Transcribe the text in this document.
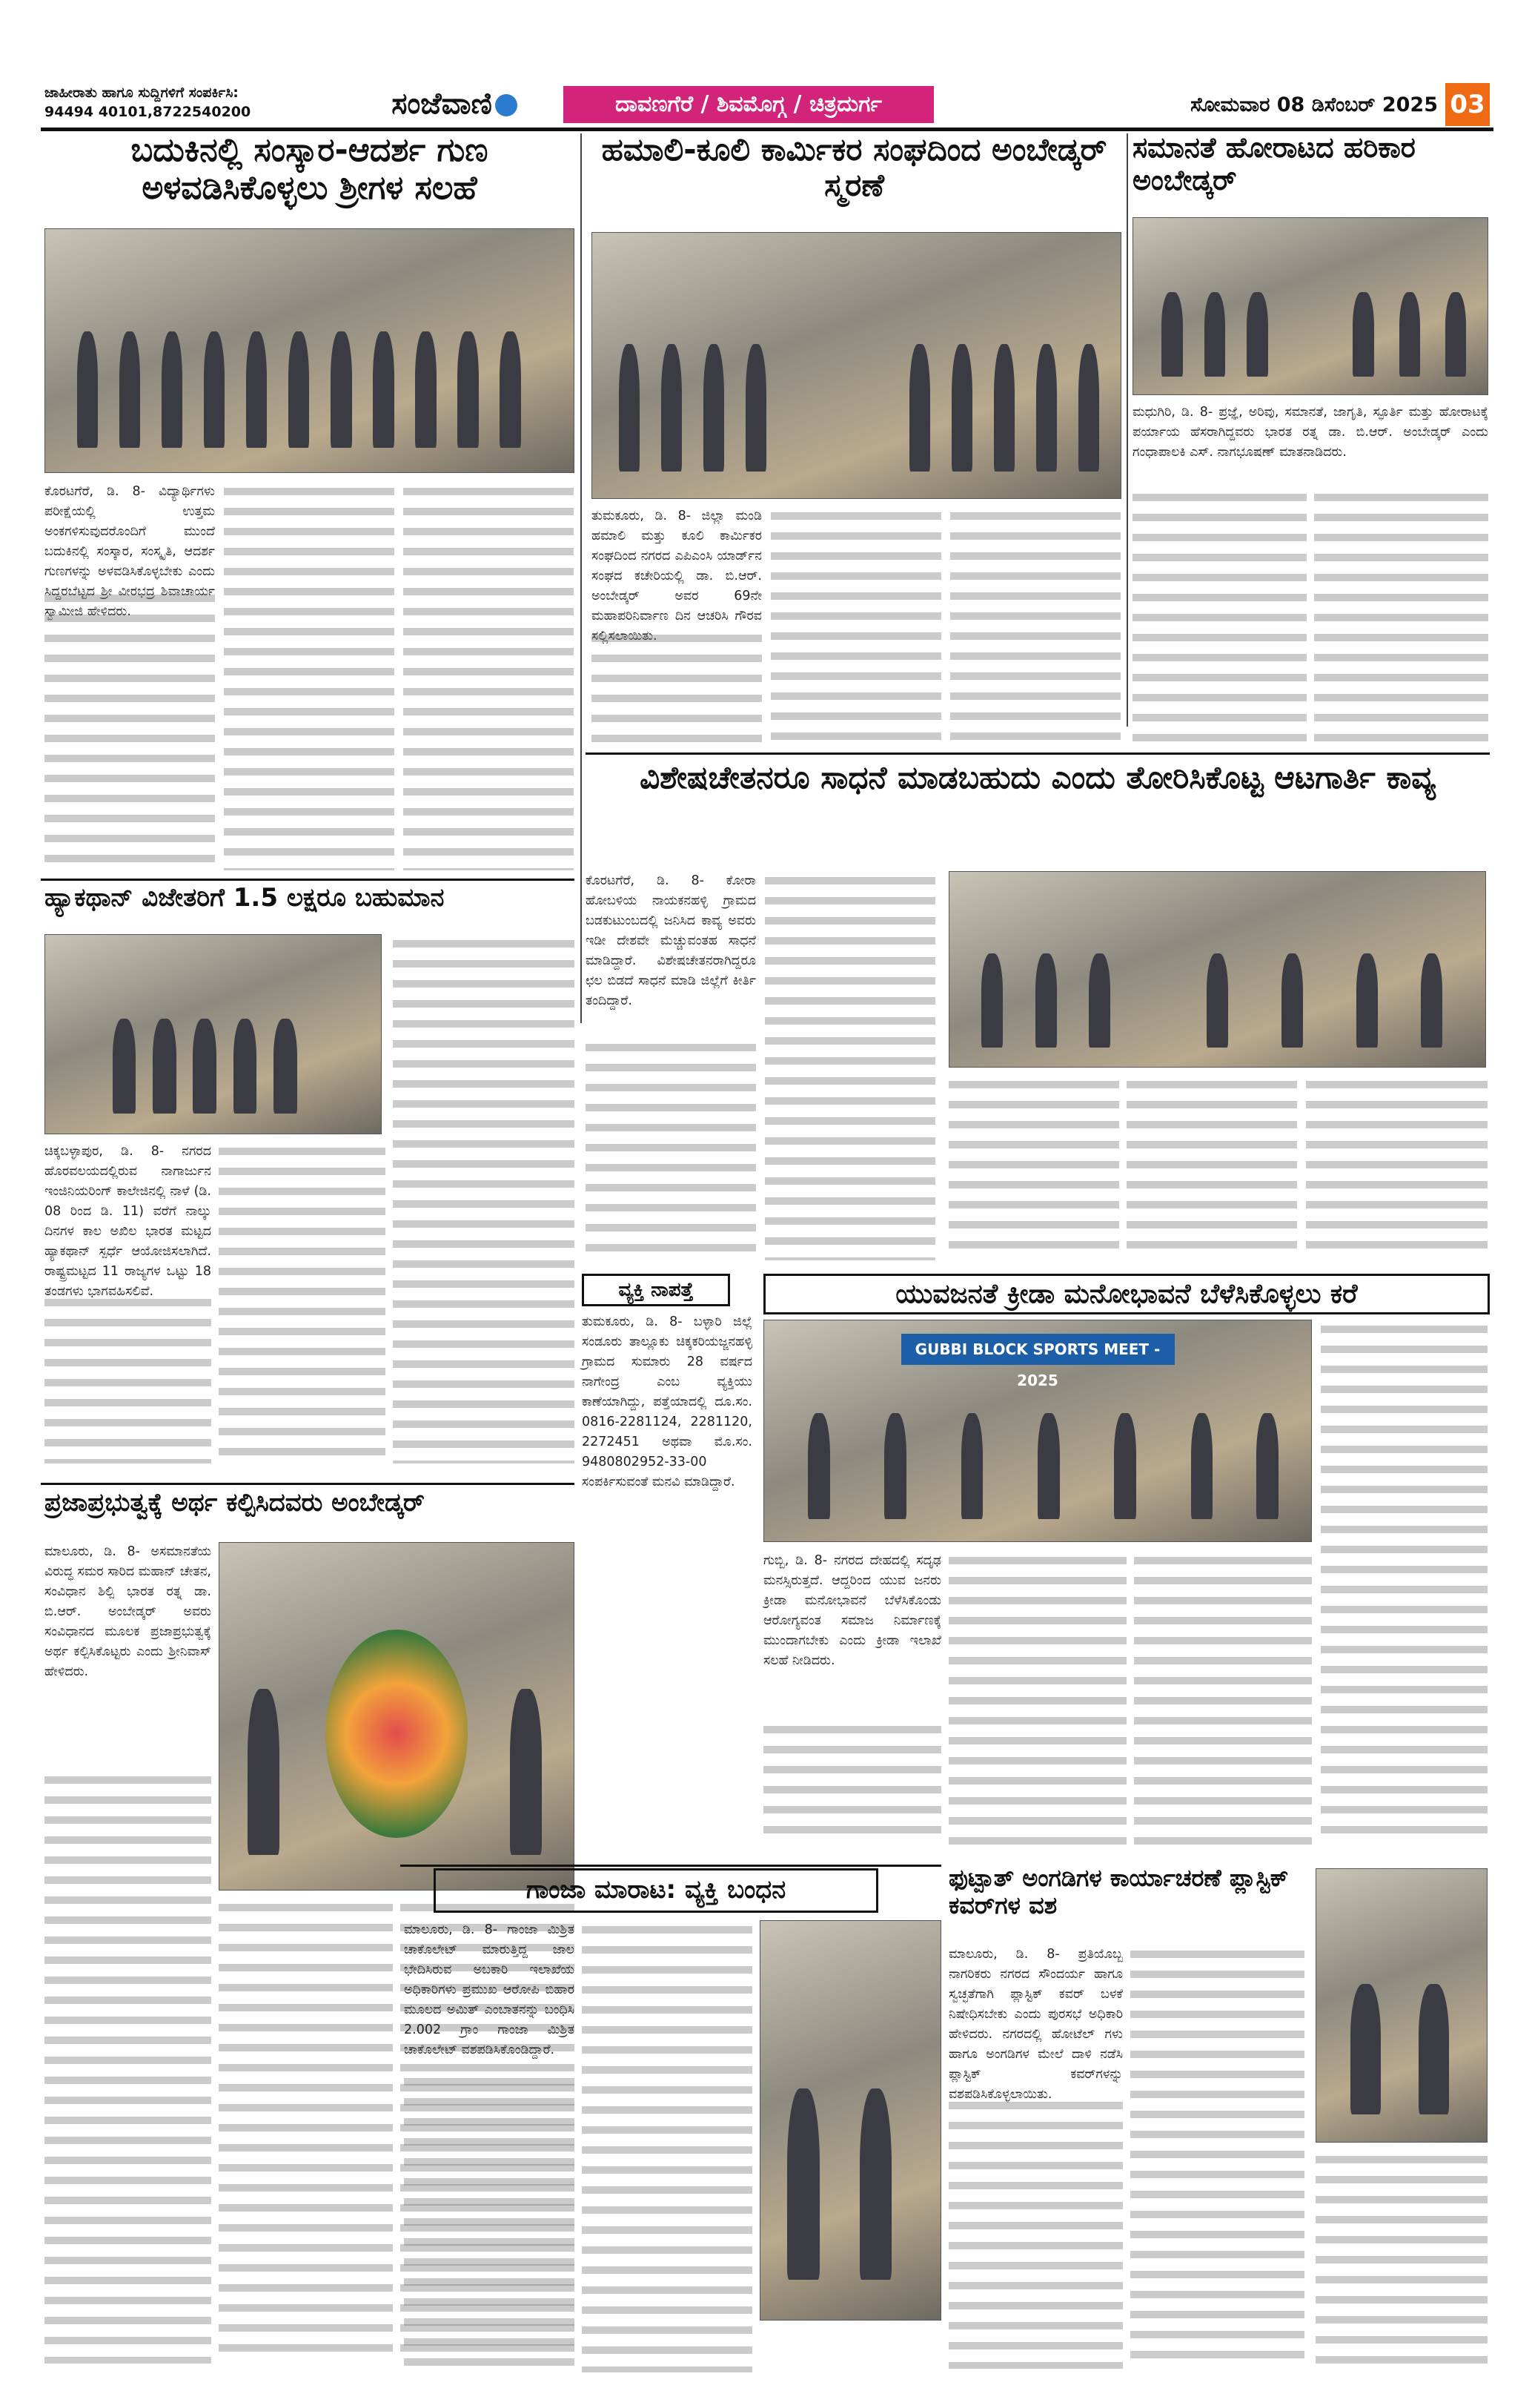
ಜಾಹೀರಾತು ಹಾಗೂ ಸುದ್ದಿಗಳಿಗೆ ಸಂಪರ್ಕಿಸಿ:
94494 40101,8722540200	ಸಂಜೆವಾಣಿ	ದಾವಣಗೆರೆ / ಶಿವಮೊಗ್ಗ / ಚಿತ್ರದುರ್ಗ	ಸೋಮವಾರ 08 ಡಿಸೆಂಬರ್ 2025 03
ಬದುಕಿನಲ್ಲಿ ಸಂಸ್ಕಾರ-ಆದರ್ಶ ಗುಣ ಅಳವಡಿಸಿಕೊಳ್ಳಲು ಶ್ರೀಗಳ ಸಲಹೆ
ಕೊರಟಗೆರೆ, ಡಿ. 8- ವಿದ್ಯಾರ್ಥಿಗಳು ಪರೀಕ್ಷೆಯಲ್ಲಿ ಉತ್ತಮ ಅಂಕಗಳಿಸುವುದರೊಂದಿಗೆ ಮುಂದೆ ಬದುಕಿನಲ್ಲಿ ಸಂಸ್ಕಾರ, ಸಂಸ್ಕೃತಿ, ಆದರ್ಶ ಗುಣಗಳನ್ನು ಅಳವಡಿಸಿಕೊಳ್ಳಬೇಕು ಎಂದು ಸಿದ್ದರಬೆಟ್ಟದ ಶ್ರೀ ವೀರಭದ್ರ ಶಿವಾಚಾರ್ಯ ಸ್ವಾಮೀಜಿ ಹೇಳಿದರು.
ಹಮಾಲಿ-ಕೂಲಿ ಕಾರ್ಮಿಕರ ಸಂಘದಿಂದ ಅಂಬೇಡ್ಕರ್ ಸ್ಮರಣೆ
ತುಮಕೂರು, ಡಿ. 8- ಜಿಲ್ಲಾ ಮಂಡಿ ಹಮಾಲಿ ಮತ್ತು ಕೂಲಿ ಕಾರ್ಮಿಕರ ಸಂಘದಿಂದ ನಗರದ ಎಪಿಎಂಸಿ ಯಾರ್ಡ್‌ನ ಸಂಘದ ಕಚೇರಿಯಲ್ಲಿ ಡಾ. ಬಿ.ಆರ್. ಅಂಬೇಡ್ಕರ್ ಅವರ 69ನೇ ಮಹಾಪರಿನಿರ್ವಾಣ ದಿನ ಆಚರಿಸಿ ಗೌರವ ಸಲ್ಲಿಸಲಾಯಿತು.
ಸಮಾನತೆ ಹೋರಾಟದ ಹರಿಕಾರ ಅಂಬೇಡ್ಕರ್
ಮಧುಗಿರಿ, ಡಿ. 8- ಪ್ರಜ್ಞೆ, ಅರಿವು, ಸಮಾನತೆ, ಜಾಗೃತಿ, ಸ್ಫೂರ್ತಿ ಮತ್ತು ಹೋರಾಟಕ್ಕೆ ಪರ್ಯಾಯ ಹೆಸರಾಗಿದ್ದವರು ಭಾರತ ರತ್ನ ಡಾ. ಬಿ.ಆರ್. ಅಂಬೇಡ್ಕರ್ ಎಂದು ಗಂಧಾಪಾಲಕಿ ಎಸ್. ನಾಗಭೂಷಣ್ ಮಾತನಾಡಿದರು.
ಹ್ಯಾಕಥಾನ್ ವಿಜೇತರಿಗೆ 1.5 ಲಕ್ಷರೂ ಬಹುಮಾನ
ಚಿಕ್ಕಬಳ್ಳಾಪುರ, ಡಿ. 8- ನಗರದ ಹೊರವಲಯದಲ್ಲಿರುವ ನಾಗಾರ್ಜುನ ಇಂಜಿನಿಯರಿಂಗ್ ಕಾಲೇಜಿನಲ್ಲಿ ನಾಳೆ (ಡಿ. 08 ರಿಂದ ಡಿ. 11) ವರೆಗೆ ನಾಲ್ಕು ದಿನಗಳ ಕಾಲ ಅಖಿಲ ಭಾರತ ಮಟ್ಟದ ಹ್ಯಾಕಥಾನ್ ಸ್ಪರ್ಧೆ ಆಯೋಜಿಸಲಾಗಿದೆ. ರಾಷ್ಟ್ರಮಟ್ಟದ 11 ರಾಜ್ಯಗಳ ಒಟ್ಟು 18 ತಂಡಗಳು ಭಾಗವಹಿಸಲಿವೆ.
ವಿಶೇಷಚೇತನರೂ ಸಾಧನೆ ಮಾಡಬಹುದು ಎಂದು ತೋರಿಸಿಕೊಟ್ಟ ಆಟಗಾರ್ತಿ ಕಾವ್ಯ
ಕೊರಟಗೆರೆ, ಡಿ. 8- ಕೋರಾ ಹೋಬಳಿಯ ನಾಯಕನಹಳ್ಳಿ ಗ್ರಾಮದ ಬಡಕುಟುಂಬದಲ್ಲಿ ಜನಿಸಿದ ಕಾವ್ಯ ಅವರು ಇಡೀ ದೇಶವೇ ಮೆಚ್ಚುವಂತಹ ಸಾಧನೆ ಮಾಡಿದ್ದಾರೆ. ವಿಶೇಷಚೇತನರಾಗಿದ್ದರೂ ಛಲ ಬಿಡದೆ ಸಾಧನೆ ಮಾಡಿ ಜಿಲ್ಲೆಗೆ ಕೀರ್ತಿ ತಂದಿದ್ದಾರೆ.
ವ್ಯಕ್ತಿ ನಾಪತ್ತೆ
ತುಮಕೂರು, ಡಿ. 8- ಬಳ್ಳಾರಿ ಜಿಲ್ಲೆ ಸಂಡೂರು ತಾಲ್ಲೂಕು ಚಿಕ್ಕಕರಿಯಜ್ಜನಹಳ್ಳಿ ಗ್ರಾಮದ ಸುಮಾರು 28 ವರ್ಷದ ನಾಗೇಂದ್ರ ಎಂಬ ವ್ಯಕ್ತಿಯು ಕಾಣೆಯಾಗಿದ್ದು, ಪತ್ತೆಯಾದಲ್ಲಿ ದೂ.ಸಂ. 0816-2281124, 2281120, 2272451 ಅಥವಾ ಮೊ.ಸಂ. 9480802952-33-00 ಸಂಪರ್ಕಿಸುವಂತೆ ಮನವಿ ಮಾಡಿದ್ದಾರೆ.
ಯುವಜನತೆ ಕ್ರೀಡಾ ಮನೋಭಾವನೆ ಬೆಳೆಸಿಕೊಳ್ಳಲು ಕರೆ
GUBBI BLOCK SPORTS MEET - 2025
ಗುಬ್ಬಿ, ಡಿ. 8- ನಗರದ ದೇಹದಲ್ಲಿ ಸದೃಢ ಮನಸ್ಸಿರುತ್ತದೆ. ಆದ್ದರಿಂದ ಯುವ ಜನರು ಕ್ರೀಡಾ ಮನೋಭಾವನೆ ಬೆಳೆಸಿಕೊಂಡು ಆರೋಗ್ಯವಂತ ಸಮಾಜ ನಿರ್ಮಾಣಕ್ಕೆ ಮುಂದಾಗಬೇಕು ಎಂದು ಕ್ರೀಡಾ ಇಲಾಖೆ ಸಲಹೆ ನೀಡಿದರು.
ಪ್ರಜಾಪ್ರಭುತ್ವಕ್ಕೆ ಅರ್ಥ ಕಲ್ಪಿಸಿದವರು ಅಂಬೇಡ್ಕರ್
ಮಾಲೂರು, ಡಿ. 8- ಅಸಮಾನತೆಯ ವಿರುದ್ಧ ಸಮರ ಸಾರಿದ ಮಹಾನ್ ಚೇತನ, ಸಂವಿಧಾನ ಶಿಲ್ಪಿ ಭಾರತ ರತ್ನ ಡಾ. ಬಿ.ಆರ್. ಅಂಬೇಡ್ಕರ್ ಅವರು ಸಂವಿಧಾನದ ಮೂಲಕ ಪ್ರಜಾಪ್ರಭುತ್ವಕ್ಕೆ ಅರ್ಥ ಕಲ್ಪಿಸಿಕೊಟ್ಟರು ಎಂದು ಶ್ರೀನಿವಾಸ್ ಹೇಳಿದರು.
ಗಾಂಜಾ ಮಾರಾಟ: ವ್ಯಕ್ತಿ ಬಂಧನ
ಮಾಲೂರು, ಡಿ. 8- ಗಾಂಜಾ ಮಿಶ್ರಿತ ಚಾಕೊಲೇಟ್ ಮಾರುತ್ತಿದ್ದ ಜಾಲ ಭೇದಿಸಿರುವ ಅಬಕಾರಿ ಇಲಾಖೆಯ ಅಧಿಕಾರಿಗಳು ಪ್ರಮುಖ ಆರೋಪಿ ಬಿಹಾರ ಮೂಲದ ಅಮಿತ್ ಎಂಬಾತನನ್ನು ಬಂಧಿಸಿ 2.002 ಗ್ರಾಂ ಗಾಂಜಾ ಮಿಶ್ರಿತ ಚಾಕೊಲೇಟ್ ವಶಪಡಿಸಿಕೊಂಡಿದ್ದಾರೆ.
ಫುಟ್ಪಾತ್ ಅಂಗಡಿಗಳ ಕಾರ್ಯಾಚರಣೆ ಪ್ಲಾಸ್ಟಿಕ್ ಕವರ್‌ಗಳ ವಶ
ಮಾಲೂರು, ಡಿ. 8- ಪ್ರತಿಯೊಬ್ಬ ನಾಗರಿಕರು ನಗರದ ಸೌಂದರ್ಯ ಹಾಗೂ ಸ್ವಚ್ಛತೆಗಾಗಿ ಪ್ಲಾಸ್ಟಿಕ್ ಕವರ್ ಬಳಕೆ ನಿಷೇಧಿಸಬೇಕು ಎಂದು ಪುರಸಭೆ ಅಧಿಕಾರಿ ಹೇಳಿದರು. ನಗರದಲ್ಲಿ ಹೋಟೆಲ್ ಗಳು ಹಾಗೂ ಅಂಗಡಿಗಳ ಮೇಲೆ ದಾಳಿ ನಡೆಸಿ ಪ್ಲಾಸ್ಟಿಕ್ ಕವರ್‌ಗಳನ್ನು ವಶಪಡಿಸಿಕೊಳ್ಳಲಾಯಿತು.
